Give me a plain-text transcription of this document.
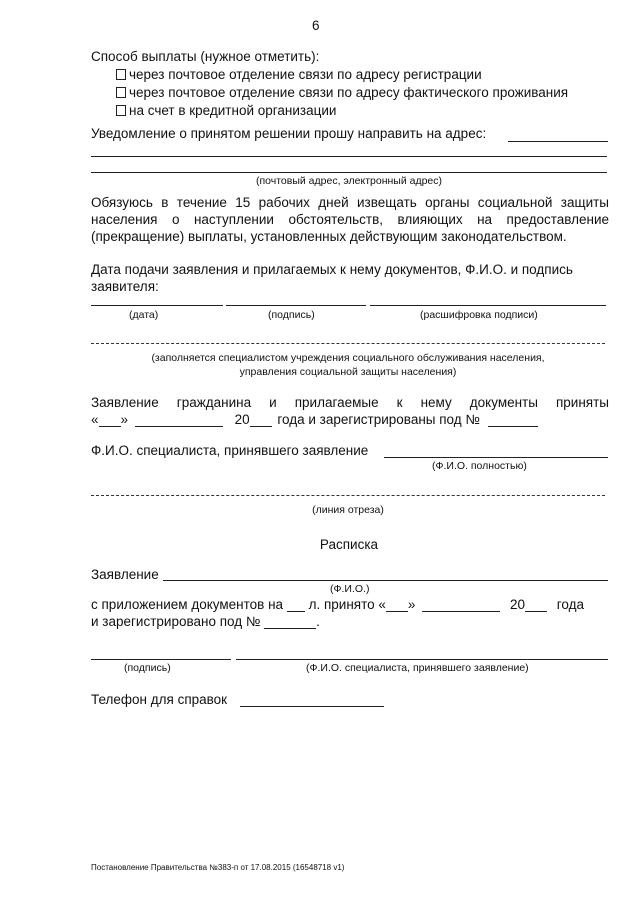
6
Способ выплаты (нужное отметить):
через почтовое отделение связи по адресу регистрации
через почтовое отделение связи по адресу фактического проживания
на счет в кредитной организации
Уведомление о принятом решении прошу направить на адрес:
(почтовый адрес, электронный адрес)
Обязуюсь в течение 15 рабочих дней извещать органы социальной защиты
населения о наступлении обстоятельств, влияющих на предоставление
(прекращение) выплаты, установленных действующим законодательством.
Дата подачи заявления и прилагаемых к нему документов, Ф.И.О. и подпись
заявителя:
(дата)	(подпись)	(расшифровка подписи)
(заполняется специалистом учреждения социального обслуживания населения,
управления социальной защиты населения)
Заявление гражданина и прилагаемые к нему документы приняты
« »	20 года и зарегистрированы под №
Ф.И.О. специалиста, принявшего заявление
(Ф.И.О. полностью)
(линия отреза)
Расписка
Заявление
(Ф.И.О.)
с приложением документов на л. принято « »	20 года
и зарегистрировано под №	.
(подпись)	(Ф.И.О. специалиста, принявшего заявление)
Телефон для справок
Постановление Правительства №383-п от 17.08.2015 (16548718 v1)
